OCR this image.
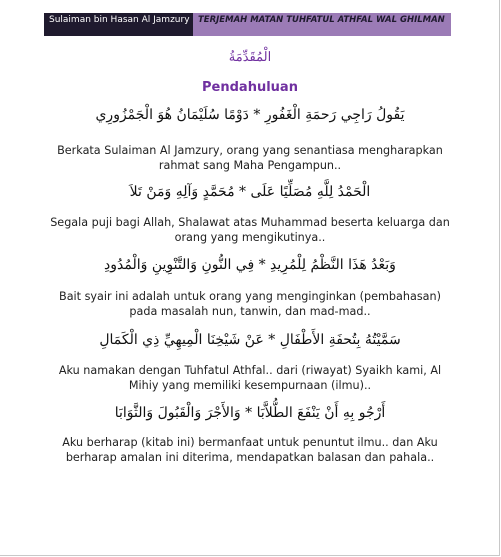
Sulaiman bin Hasan Al Jamzury TERJEMAH MATAN TUHFATUL ATHFAL WAL GHILMAN

الْمُقَدِّمَةُ

Pendahuluan

يَقُولُ رَاجِي رَحمَةِ الْغَفُورِ * دَوْمًا سُلَيْمَانُ هُوَ الْجَمْزُورِي

Berkata Sulaiman Al Jamzury, orang yang senantiasa mengharapkan rahmat sang Maha Pengampun..

الْحَمْدُ لِلَّهِ مُصَلِّيًا عَلَى * مُحَمَّدٍ وَآلِهِ وَمَنْ تَلاَ

Segala puji bagi Allah, Shalawat atas Muhammad beserta keluarga dan orang yang mengikutinya..

وَبَعْدُ هَذَا النَّظْمُ لِلْمُرِيدِ * فِي النُّونِ وَالتَّنْوِينِ وَالْمُدُودِ

Bait syair ini adalah untuk orang yang menginginkan (pembahasan) pada masalah nun, tanwin, dan mad-mad..

سَمَّيْتُهُ بِتُحفَةِ الأَطْفَالِ * عَنْ شَيْخِنَا الْمِيهِيِّ ذِي الْكَمَالِ

Aku namakan dengan Tuhfatul Athfal.. dari (riwayat) Syaikh kami, Al Mihiy yang memiliki kesempurnaan (ilmu)..

أَرْجُو بِهِ أَنْ يَنْفَعَ الطُّلاَّبَا * وَالأَجْرَ وَالْقَبُولَ وَالثَّوَابَا

Aku berharap (kitab ini) bermanfaat untuk penuntut ilmu.. dan Aku berharap amalan ini diterima, mendapatkan balasan dan pahala..
